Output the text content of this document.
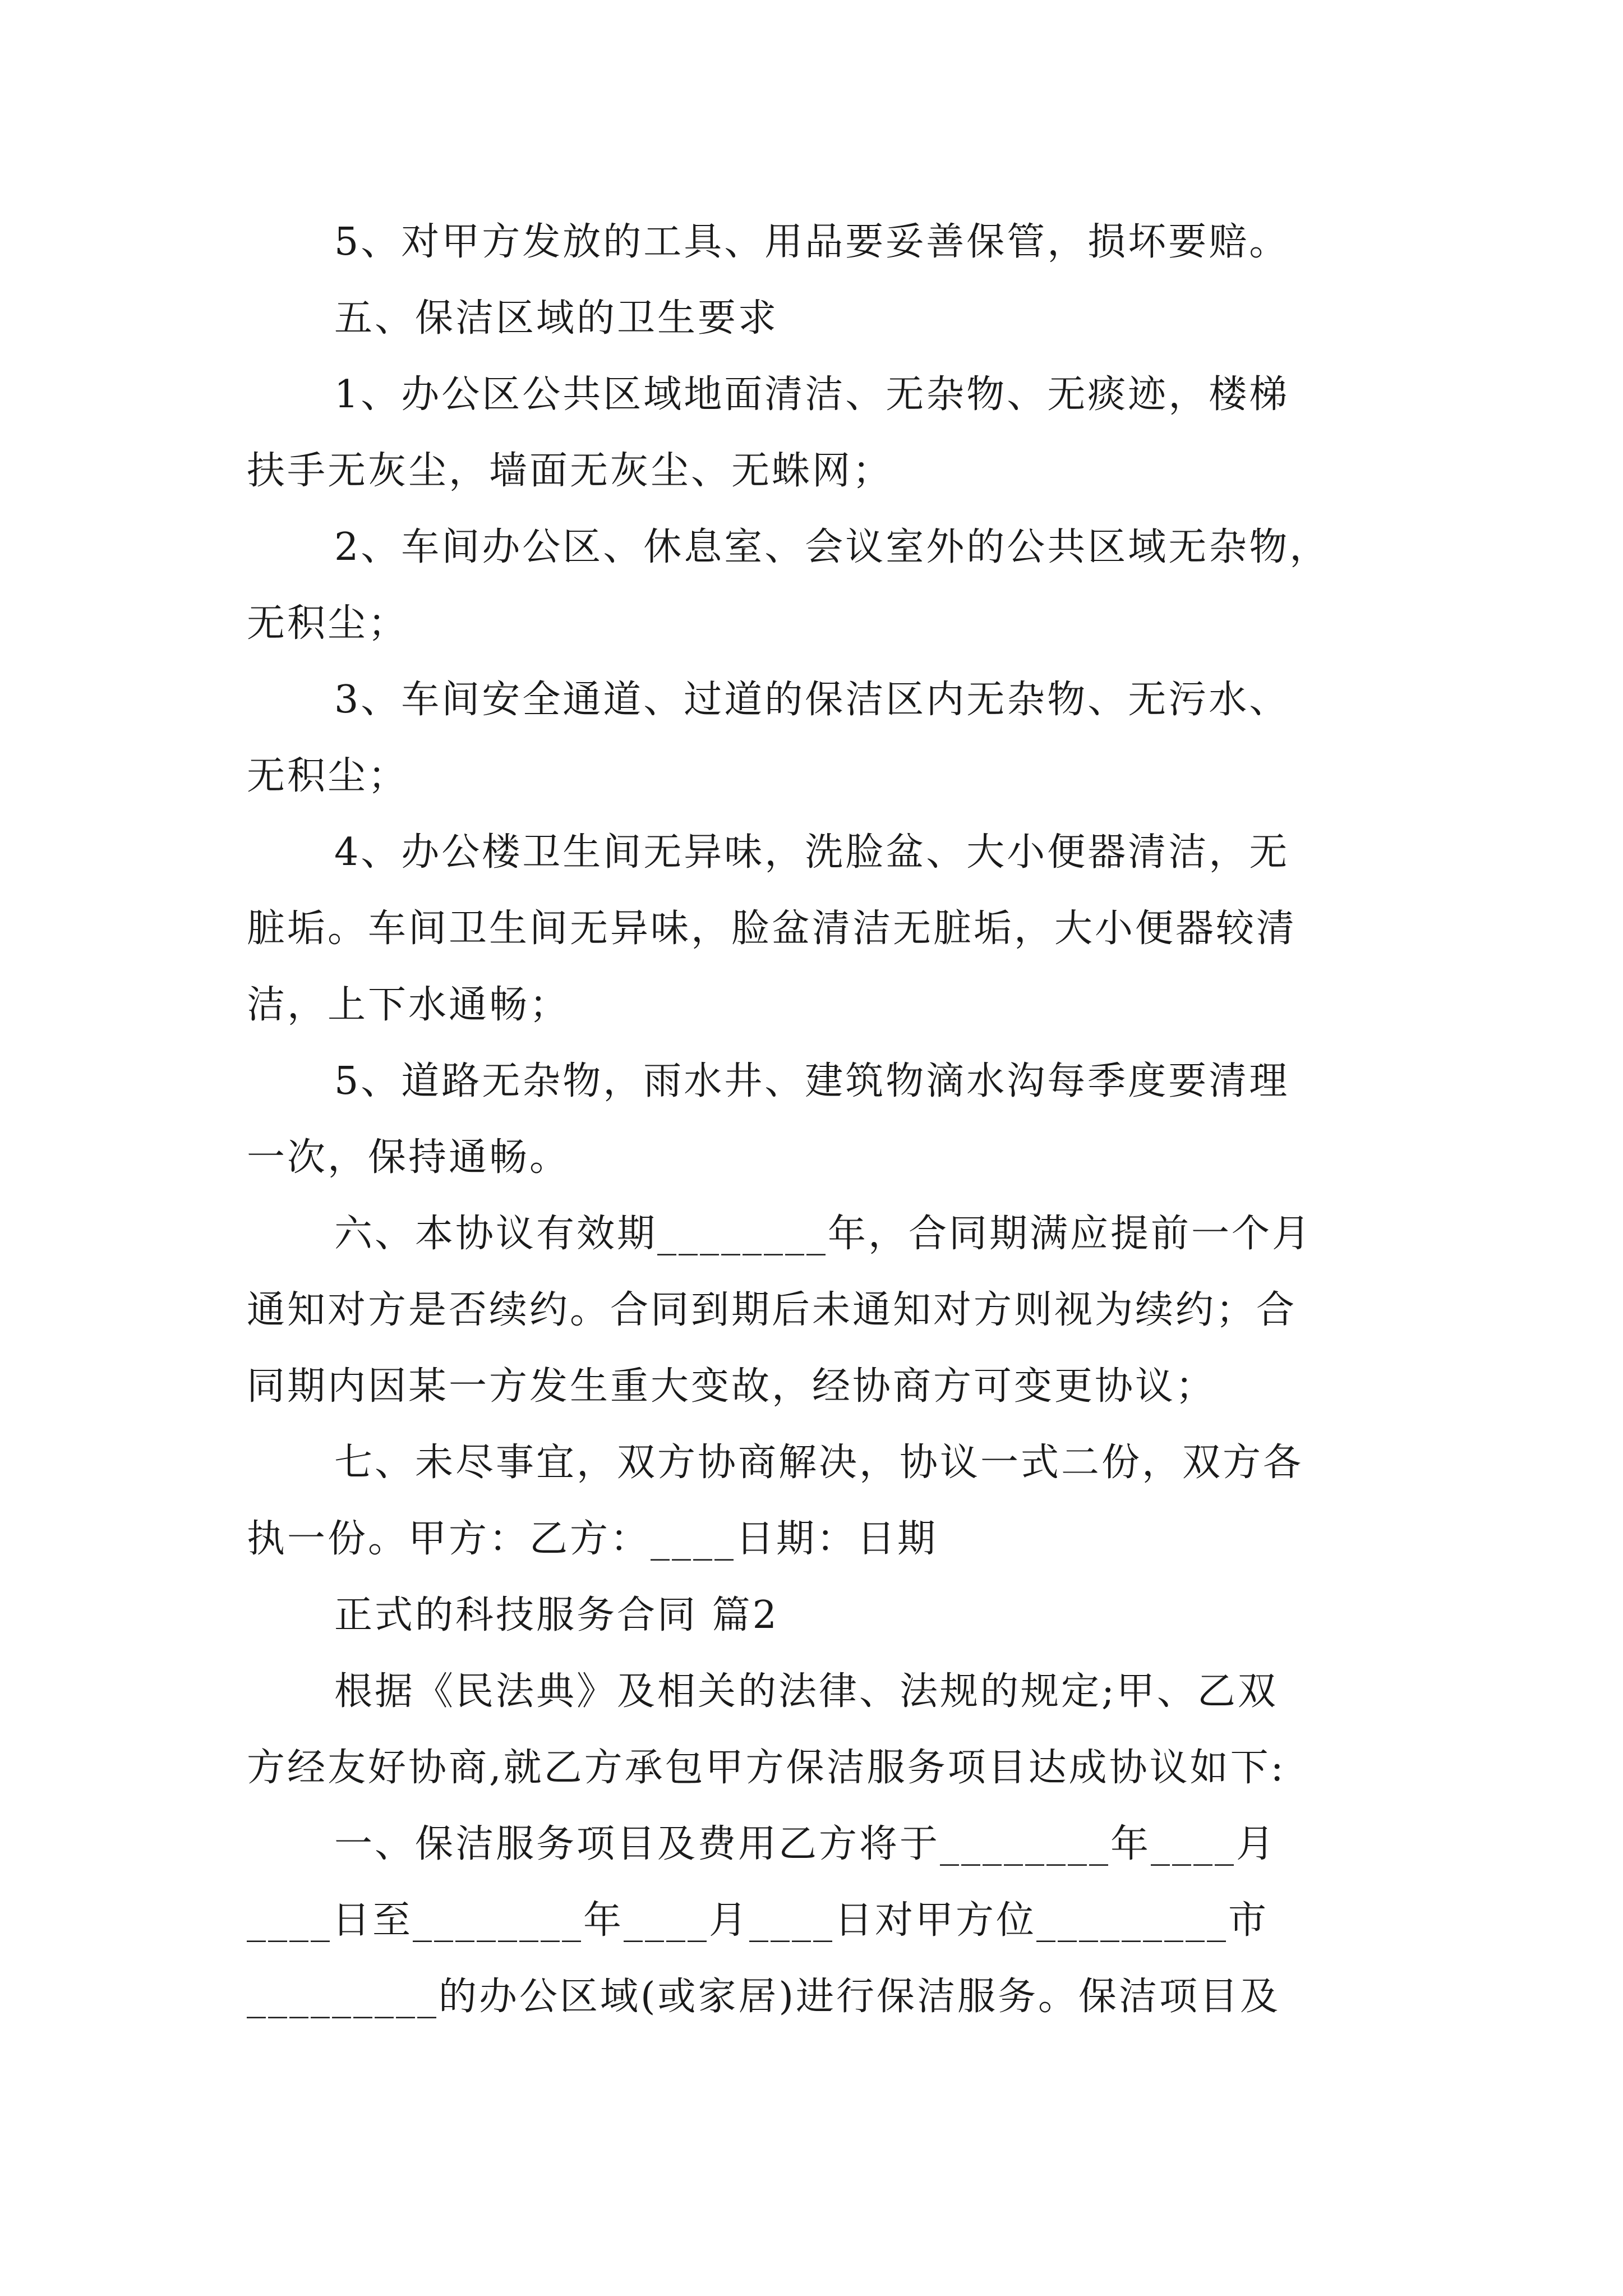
5、对甲方发放的工具、用品要妥善保管，损坏要赔。
五、保洁区域的卫生要求
1、办公区公共区域地面清洁、无杂物、无痰迹，楼梯
扶手无灰尘，墙面无灰尘、无蛛网；
2、车间办公区、休息室、会议室外的公共区域无杂物，
无积尘；
3、车间安全通道、过道的保洁区内无杂物、无污水、
无积尘；
4、办公楼卫生间无异味，洗脸盆、大小便器清洁，无
脏垢。车间卫生间无异味，脸盆清洁无脏垢，大小便器较清
洁，上下水通畅；
5、道路无杂物，雨水井、建筑物滴水沟每季度要清理
一次，保持通畅。
六、本协议有效期________年，合同期满应提前一个月
通知对方是否续约。合同到期后未通知对方则视为续约；合
同期内因某一方发生重大变故，经协商方可变更协议；
七、未尽事宜，双方协商解决，协议一式二份，双方各
执一份。甲方：乙方：____日期：日期
正式的科技服务合同 篇2
根据《民法典》及相关的法律、法规的规定;甲、乙双
方经友好协商,就乙方承包甲方保洁服务项目达成协议如下:
一、保洁服务项目及费用乙方将于________年____月
____日至________年____月____日对甲方位_________市
_________的办公区域(或家居)进行保洁服务。保洁项目及
